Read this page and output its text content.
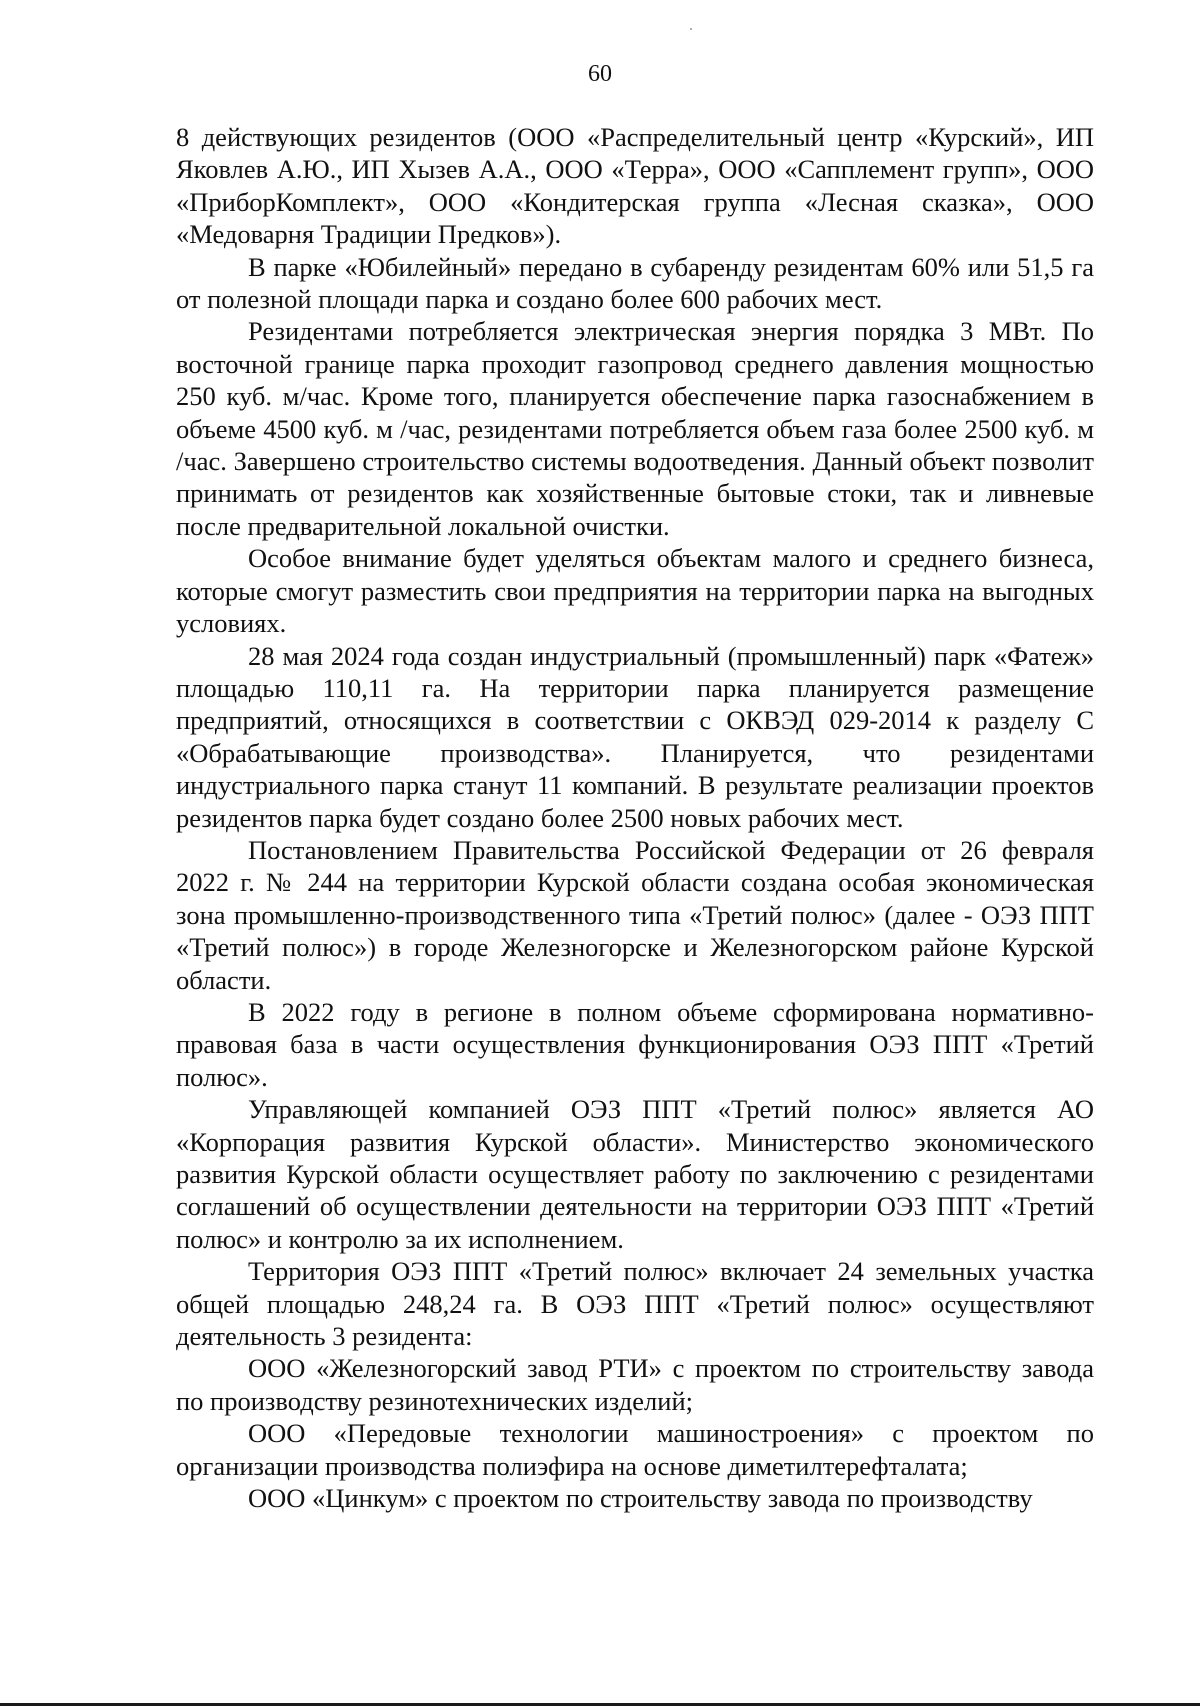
60

8 действующих резидентов (ООО «Распределительный центр «Курский», ИП Яковлев А.Ю., ИП Хызев А.А., ООО «Терра», ООО «Сапплемент групп», ООО «ПриборКомплект», ООО «Кондитерская группа «Лесная сказка», ООО «Медоварня Традиции Предков»).

В парке «Юбилейный» передано в субаренду резидентам 60% или 51,5 га от полезной площади парка и создано более 600 рабочих мест.

Резидентами потребляется электрическая энергия порядка 3 МВт. По восточной границе парка проходит газопровод среднего давления мощностью 250 куб. м/час. Кроме того, планируется обеспечение парка газоснабжением в объеме 4500 куб. м /час, резидентами потребляется объем газа более 2500 куб. м /час. Завершено строительство системы водоотведения. Данный объект позволит принимать от резидентов как хозяйственные бытовые стоки, так и ливневые после предварительной локальной очистки.

Особое внимание будет уделяться объектам малого и среднего бизнеса, которые смогут разместить свои предприятия на территории парка на выгодных условиях.

28 мая 2024 года создан индустриальный (промышленный) парк «Фатеж» площадью 110,11 га. На территории парка планируется размещение предприятий, относящихся в соответствии с ОКВЭД 029-2014 к разделу С «Обрабатывающие производства». Планируется, что резидентами индустриального парка станут 11 компаний. В результате реализации проектов резидентов парка будет создано более 2500 новых рабочих мест.

Постановлением Правительства Российской Федерации от 26 февраля 2022 г. № 244 на территории Курской области создана особая экономическая зона промышленно-производственного типа «Третий полюс» (далее - ОЭЗ ППТ «Третий полюс») в городе Железногорске и Железногорском районе Курской области.

В 2022 году в регионе в полном объеме сформирована нормативно-правовая база в части осуществления функционирования ОЭЗ ППТ «Третий полюс».

Управляющей компанией ОЭЗ ППТ «Третий полюс» является АО «Корпорация развития Курской области». Министерство экономического развития Курской области осуществляет работу по заключению с резидентами соглашений об осуществлении деятельности на территории ОЭЗ ППТ «Третий полюс» и контролю за их исполнением.

Территория ОЭЗ ППТ «Третий полюс» включает 24 земельных участка общей площадью 248,24 га. В ОЭЗ ППТ «Третий полюс» осуществляют деятельность 3 резидента:

ООО «Железногорский завод РТИ» с проектом по строительству завода по производству резинотехнических изделий;

ООО «Передовые технологии машиностроения» с проектом по организации производства полиэфира на основе диметилтерефталата;

ООО «Цинкум» с проектом по строительству завода по производству
